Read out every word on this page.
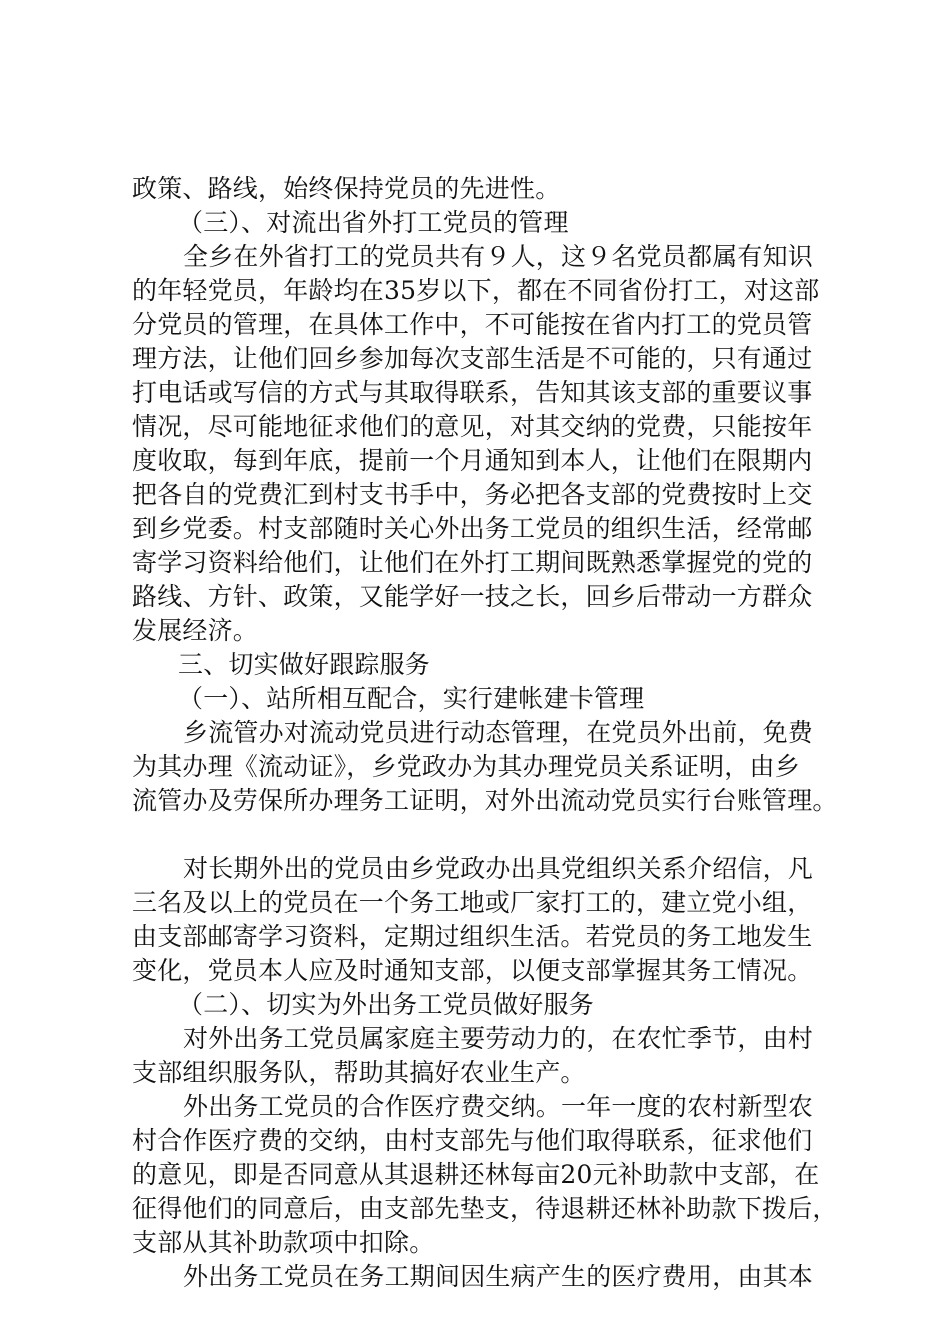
政策、路线，始终保持党员的先进性。
（三）、对流出省外打工党员的管理
全乡在外省打工的党员共有９人，这９名党员都属有知识
的年轻党员，年龄均在35岁以下，都在不同省份打工，对这部
分党员的管理，在具体工作中，不可能按在省内打工的党员管
理方法，让他们回乡参加每次支部生活是不可能的，只有通过
打电话或写信的方式与其取得联系，告知其该支部的重要议事
情况，尽可能地征求他们的意见，对其交纳的党费，只能按年
度收取，每到年底，提前一个月通知到本人，让他们在限期内
把各自的党费汇到村支书手中，务必把各支部的党费按时上交
到乡党委。村支部随时关心外出务工党员的组织生活，经常邮
寄学习资料给他们，让他们在外打工期间既熟悉掌握党的党的
路线、方针、政策，又能学好一技之长，回乡后带动一方群众
发展经济。
三、切实做好跟踪服务
（一）、站所相互配合，实行建帐建卡管理
乡流管办对流动党员进行动态管理，在党员外出前，免费
为其办理《流动证》，乡党政办为其办理党员关系证明，由乡
流管办及劳保所办理务工证明，对外出流动党员实行台账管理。
对长期外出的党员由乡党政办出具党组织关系介绍信，凡
三名及以上的党员在一个务工地或厂家打工的，建立党小组，
由支部邮寄学习资料，定期过组织生活。若党员的务工地发生
变化，党员本人应及时通知支部，以便支部掌握其务工情况。
（二）、切实为外出务工党员做好服务
对外出务工党员属家庭主要劳动力的，在农忙季节，由村
支部组织服务队，帮助其搞好农业生产。
外出务工党员的合作医疗费交纳。一年一度的农村新型农
村合作医疗费的交纳，由村支部先与他们取得联系，征求他们
的意见，即是否同意从其退耕还林每亩20元补助款中支部，在
征得他们的同意后，由支部先垫支，待退耕还林补助款下拨后，
支部从其补助款项中扣除。
外出务工党员在务工期间因生病产生的医疗费用，由其本
